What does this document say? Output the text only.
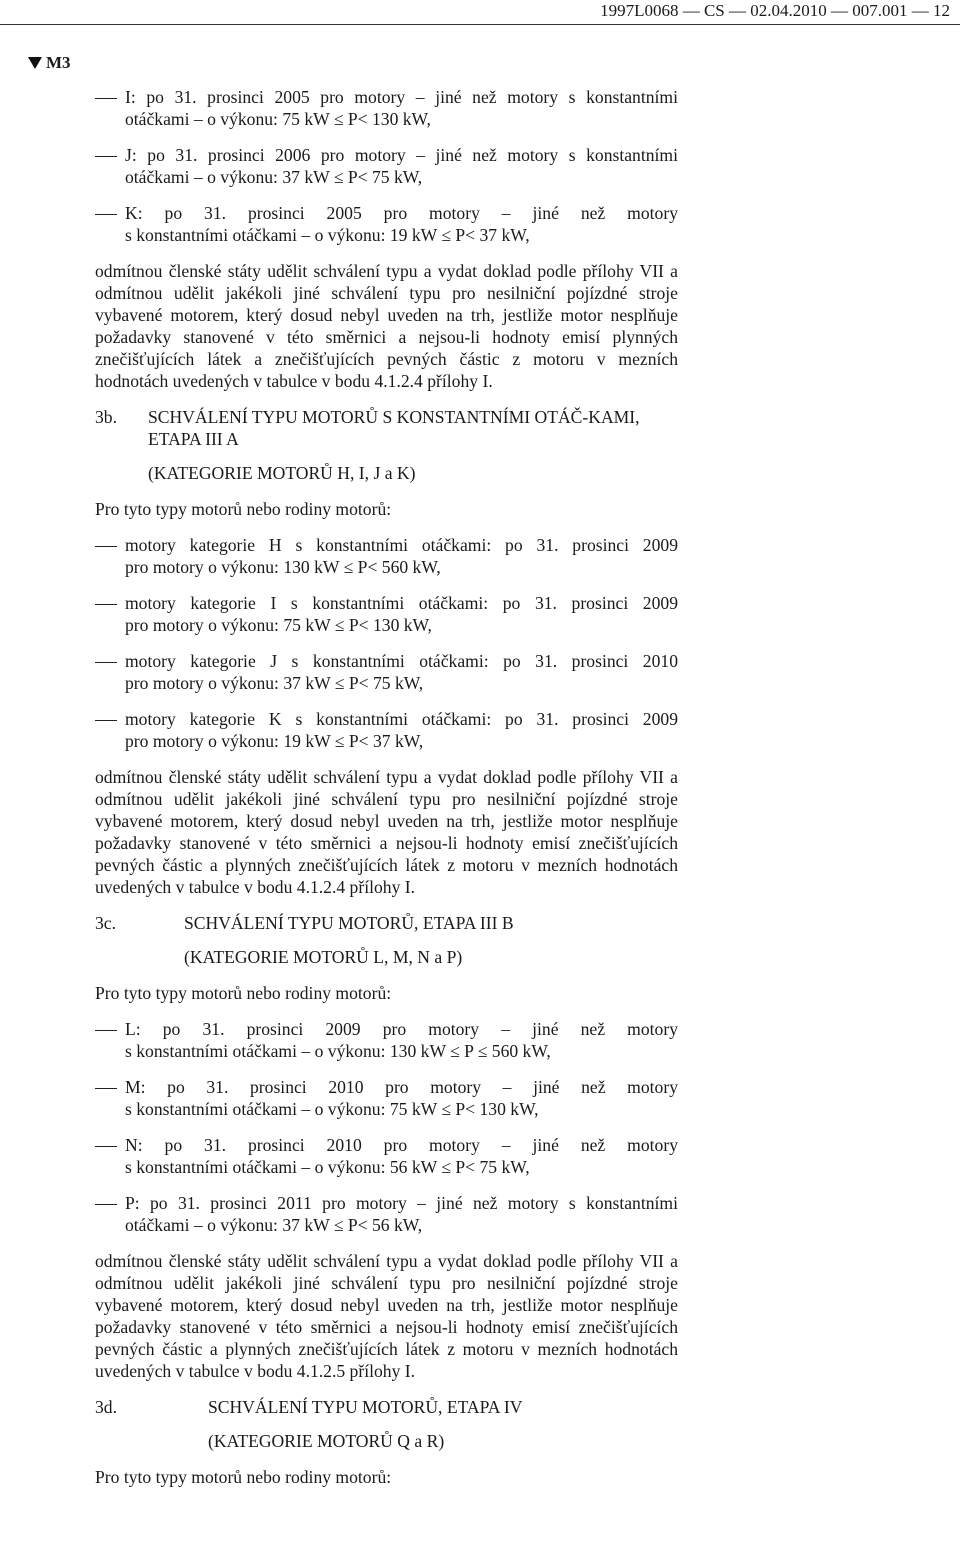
1997L0068 — CS — 02.04.2010 — 007.001 — 12
M3
I: po 31. prosinci 2005 pro motory – jiné než motory s konstantními
otáčkami – o výkonu: 75 kW ≤ P< 130 kW,
J: po 31. prosinci 2006 pro motory – jiné než motory s konstantními
otáčkami – o výkonu: 37 kW ≤ P< 75 kW,
K: po 31. prosinci 2005 pro motory – jiné než motory
s konstantními otáčkami – o výkonu: 19 kW ≤ P< 37 kW,

odmítnou členské státy udělit schválení typu a vydat doklad podle přílohy VII a odmítnou udělit jakékoli jiné schválení typu pro nesilniční pojízdné stroje vybavené motorem, který dosud nebyl uveden na trh, jestliže motor nesplňuje požadavky stanovené v této směrnici a nejsou-li hodnoty emisí plynných znečišťujících látek a znečišťujících pevných částic z motoru v mezních hodnotách uvedených v tabulce v bodu 4.1.2.4 přílohy I.

3b.	SCHVÁLENÍ TYPU MOTORŮ S KONSTANTNÍMI OTÁČ-KAMI, ETAPA III A
(KATEGORIE MOTORŮ H, I, J a K)

Pro tyto typy motorů nebo rodiny motorů:

motory kategorie H s konstantními otáčkami: po 31. prosinci 2009
pro motory o výkonu: 130 kW ≤ P< 560 kW,
motory kategorie I s konstantními otáčkami: po 31. prosinci 2009
pro motory o výkonu: 75 kW ≤ P< 130 kW,
motory kategorie J s konstantními otáčkami: po 31. prosinci 2010
pro motory o výkonu: 37 kW ≤ P< 75 kW,
motory kategorie K s konstantními otáčkami: po 31. prosinci 2009
pro motory o výkonu: 19 kW ≤ P< 37 kW,

odmítnou členské státy udělit schválení typu a vydat doklad podle přílohy VII a odmítnou udělit jakékoli jiné schválení typu pro nesilniční pojízdné stroje vybavené motorem, který dosud nebyl uveden na trh, jestliže motor nesplňuje požadavky stanovené v této směrnici a nejsou-li hodnoty emisí znečišťujících pevných částic a plynných znečišťujících látek z motoru v mezních hodnotách uvedených v tabulce v bodu 4.1.2.4 přílohy I.

3c.	SCHVÁLENÍ TYPU MOTORŮ, ETAPA III B
(KATEGORIE MOTORŮ L, M, N a P)

Pro tyto typy motorů nebo rodiny motorů:

L: po 31. prosinci 2009 pro motory – jiné než motory
s konstantními otáčkami – o výkonu: 130 kW ≤ P ≤ 560 kW,
M: po 31. prosinci 2010 pro motory – jiné než motory
s konstantními otáčkami – o výkonu: 75 kW ≤ P< 130 kW,
N: po 31. prosinci 2010 pro motory – jiné než motory
s konstantními otáčkami – o výkonu: 56 kW ≤ P< 75 kW,
P: po 31. prosinci 2011 pro motory – jiné než motory s konstantními
otáčkami – o výkonu: 37 kW ≤ P< 56 kW,

odmítnou členské státy udělit schválení typu a vydat doklad podle přílohy VII a odmítnou udělit jakékoli jiné schválení typu pro nesilniční pojízdné stroje vybavené motorem, který dosud nebyl uveden na trh, jestliže motor nesplňuje požadavky stanovené v této směrnici a nejsou-li hodnoty emisí znečišťujících pevných částic a plynných znečišťujících látek z motoru v mezních hodnotách uvedených v tabulce v bodu 4.1.2.5 přílohy I.

3d.	SCHVÁLENÍ TYPU MOTORŮ, ETAPA IV
(KATEGORIE MOTORŮ Q a R)

Pro tyto typy motorů nebo rodiny motorů:
